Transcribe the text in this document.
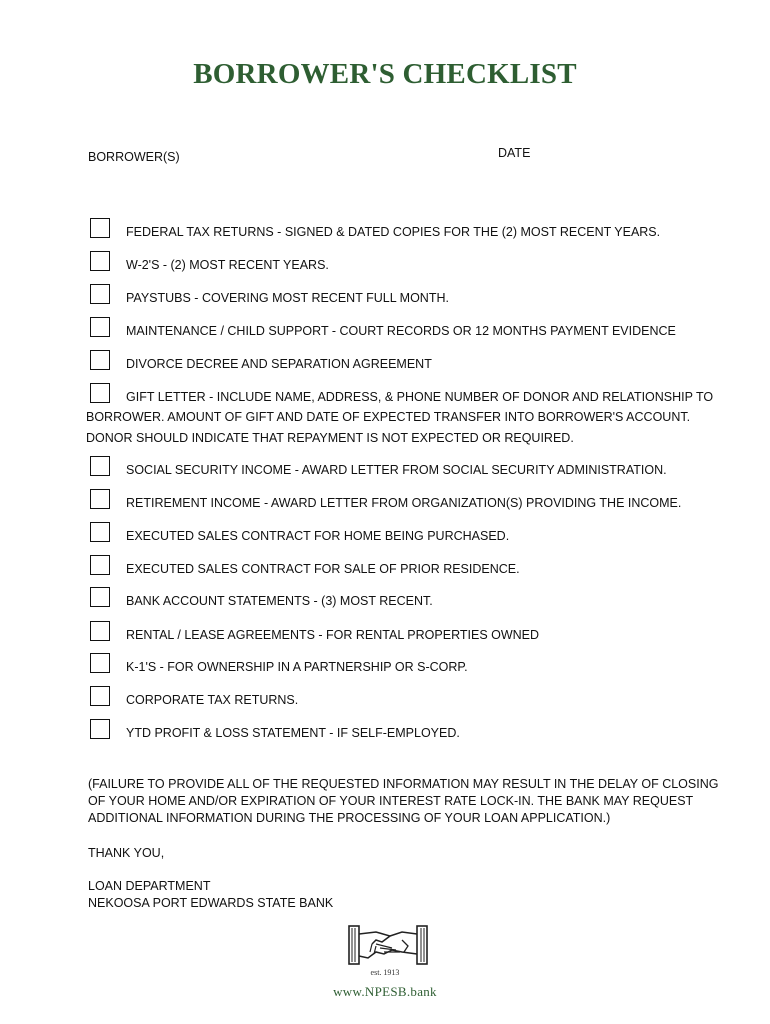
BORROWER'S CHECKLIST
BORROWER(S)	DATE
FEDERAL TAX RETURNS - SIGNED & DATED COPIES FOR THE (2) MOST RECENT YEARS.
W-2'S - (2) MOST RECENT YEARS.
PAYSTUBS - COVERING MOST RECENT FULL MONTH.
MAINTENANCE / CHILD SUPPORT - COURT RECORDS OR 12 MONTHS PAYMENT EVIDENCE
DIVORCE DECREE AND SEPARATION AGREEMENT
GIFT LETTER - INCLUDE NAME, ADDRESS, & PHONE NUMBER OF DONOR AND RELATIONSHIP TO
BORROWER. AMOUNT OF GIFT AND DATE OF EXPECTED TRANSFER INTO BORROWER'S ACCOUNT.
DONOR SHOULD INDICATE THAT REPAYMENT IS NOT EXPECTED OR REQUIRED.
SOCIAL SECURITY INCOME - AWARD LETTER FROM SOCIAL SECURITY ADMINISTRATION.
RETIREMENT INCOME - AWARD LETTER FROM ORGANIZATION(S) PROVIDING THE INCOME.
EXECUTED SALES CONTRACT FOR HOME BEING PURCHASED.
EXECUTED SALES CONTRACT FOR SALE OF PRIOR RESIDENCE.
BANK ACCOUNT STATEMENTS - (3) MOST RECENT.
RENTAL / LEASE AGREEMENTS - FOR RENTAL PROPERTIES OWNED
K-1'S - FOR OWNERSHIP IN A PARTNERSHIP OR S-CORP.
CORPORATE TAX RETURNS.
YTD PROFIT & LOSS STATEMENT - IF SELF-EMPLOYED.
(FAILURE TO PROVIDE ALL OF THE REQUESTED INFORMATION MAY RESULT IN THE DELAY OF CLOSING
OF YOUR HOME AND/OR EXPIRATION OF YOUR INTEREST RATE LOCK-IN. THE BANK MAY REQUEST
ADDITIONAL INFORMATION DURING THE PROCESSING OF YOUR LOAN APPLICATION.)
THANK YOU,
LOAN DEPARTMENT
NEKOOSA PORT EDWARDS STATE BANK
est. 1913
www.NPESB.bank
